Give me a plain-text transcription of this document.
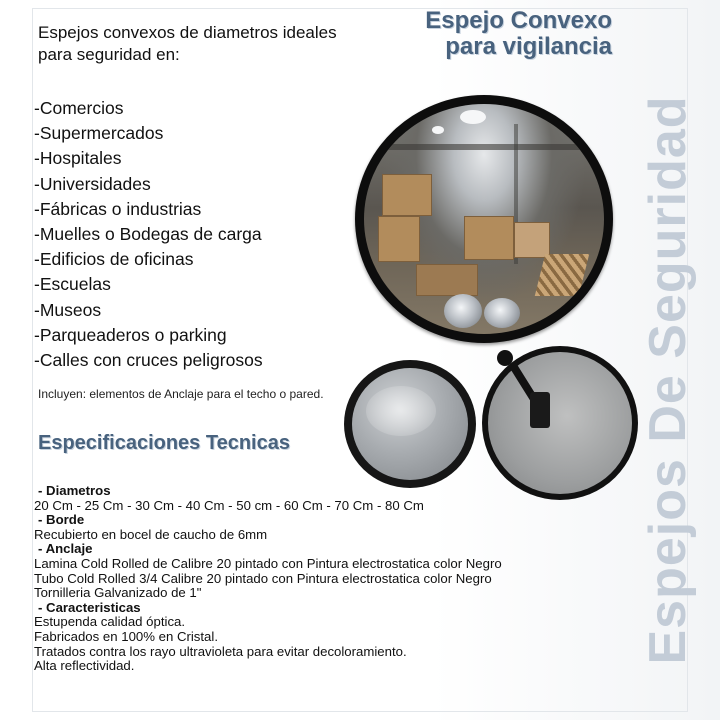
Espejos convexos de diametros ideales para seguridad en:
Espejo Convexo
para vigilancia
Espejos De Seguridad
-Comercios
-Supermercados
-Hospitales
-Universidades
-Fábricas o industrias
-Muelles o Bodegas de carga
-Edificios de oficinas
-Escuelas
-Museos
-Parqueaderos o parking
-Calles con cruces peligrosos
Incluyen: elementos de Anclaje para el techo o pared.
Especificaciones Tecnicas
- Diametros
20 Cm - 25 Cm - 30 Cm - 40 Cm - 50 cm - 60 Cm - 70 Cm - 80 Cm
- Borde
Recubierto en bocel de caucho de 6mm
- Anclaje
Lamina Cold Rolled de Calibre 20 pintado con Pintura electrostatica color Negro
Tubo Cold Rolled 3/4 Calibre 20 pintado con Pintura electrostatica color Negro
Tornilleria Galvanizado de 1"
- Caracteristicas
Estupenda calidad óptica.
Fabricados en 100% en Cristal.
Tratados contra los rayo ultravioleta para evitar decoloramiento.
Alta reflectividad.
